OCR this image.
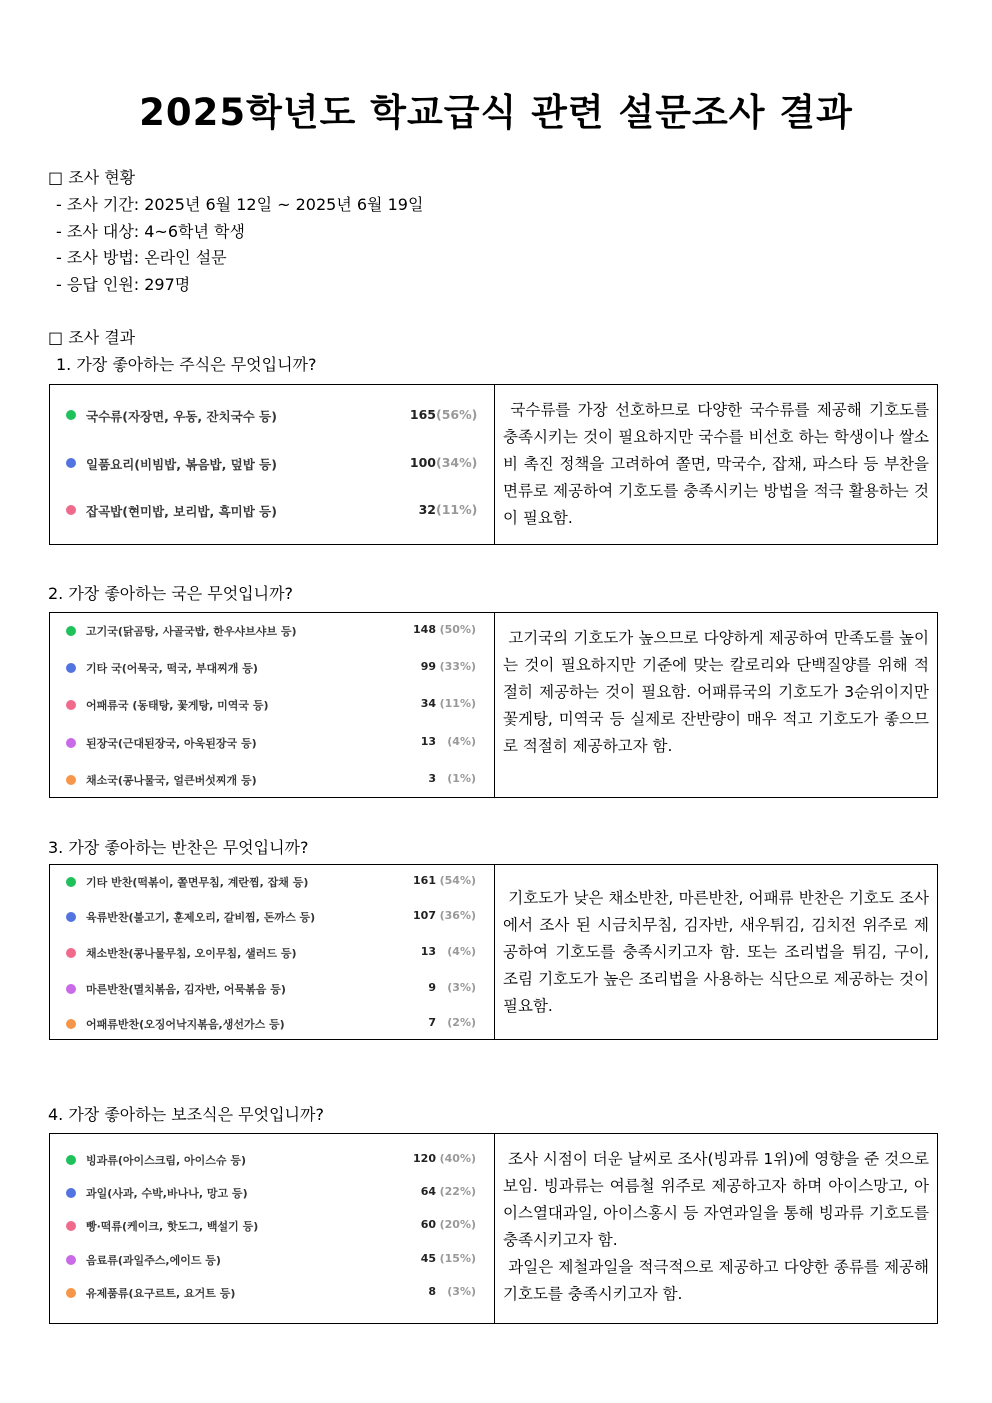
2025학년도 학교급식 관련 설문조사 결과
□ 조사 현황
- 조사 기간: 2025년 6월 12일 ~ 2025년 6월 19일
- 조사 대상: 4~6학년 학생
- 조사 방법: 온라인 설문
- 응답 인원: 297명
□ 조사 결과
1. 가장 좋아하는 주식은 무엇입니까?
국수류(자장면, 우동, 잔치국수 등)	165 (56%)
일품요리(비빔밥, 볶음밥, 덮밥 등)	100 (34%)
잡곡밥(현미밥, 보리밥, 흑미밥 등)	32 (11%)
국수류를 가장 선호하므로 다양한 국수류를 제공해 기호도를 충족시키는 것이 필요하지만 국수를 비선호 하는 학생이나 쌀소비 촉진 정책을 고려하여 쫄면, 막국수, 잡채, 파스타 등 부찬을 면류로 제공하여 기호도를 충족시키는 방법을 적극 활용하는 것이 필요함.
2. 가장 좋아하는 국은 무엇입니까?
고기국(닭곰탕, 사골국밥, 한우샤브샤브 등)	148 (50%)
기타 국(어묵국, 떡국, 부대찌개 등)	99 (33%)
어패류국 (동태탕, 꽃게탕, 미역국 등)	34 (11%)
된장국(근대된장국, 아욱된장국 등)	13	(4%)
채소국(콩나물국, 얼큰버섯찌개 등)	3	(1%)
고기국의 기호도가 높으므로 다양하게 제공하여 만족도를 높이는 것이 필요하지만 기준에 맞는 칼로리와 단백질양를 위해 적절히 제공하는 것이 필요함. 어패류국의 기호도가 3순위이지만 꽃게탕, 미역국 등 실제로 잔반량이 매우 적고 기호도가 좋으므로 적절히 제공하고자 함.
3. 가장 좋아하는 반찬은 무엇입니까?
기타 반찬(떡볶이, 쫄면무침, 계란찜, 잡채 등)	161 (54%)
육류반찬(불고기, 훈제오리, 갈비찜, 돈까스 등)	107 (36%)
채소반찬(콩나물무침, 오이무침, 샐러드 등)	13	(4%)
마른반찬(멸치볶음, 김자반, 어묵볶음 등)	9	(3%)
어패류반찬(오징어낙지볶음,생선가스 등)	7	(2%)
기호도가 낮은 채소반찬, 마른반찬, 어패류 반찬은 기호도 조사에서 조사 된 시금치무침, 김자반, 새우튀김, 김치전 위주로 제공하여 기호도를 충족시키고자 함. 또는 조리법을 튀김, 구이, 조림 기호도가 높은 조리법을 사용하는 식단으로 제공하는 것이 필요함.
4. 가장 좋아하는 보조식은 무엇입니까?
빙과류(아이스크림, 아이스슈 등)	120 (40%)
과일(사과, 수박,바나나, 망고 등)	64 (22%)
빵·떡류(케이크, 핫도그, 백설기 등)	60 (20%)
음료류(과일주스,에이드 등)	45 (15%)
유제품류(요구르트, 요거트 등)	8	(3%)
조사 시점이 더운 날씨로 조사(빙과류 1위)에 영향을 준 것으로 보임. 빙과류는 여름철 위주로 제공하고자 하며 아이스망고, 아이스열대과일, 아이스홍시 등 자연과일을 통해 빙과류 기호도를 충족시키고자 함.
과일은 제철과일을 적극적으로 제공하고 다양한 종류를 제공해 기호도를 충족시키고자 함.
